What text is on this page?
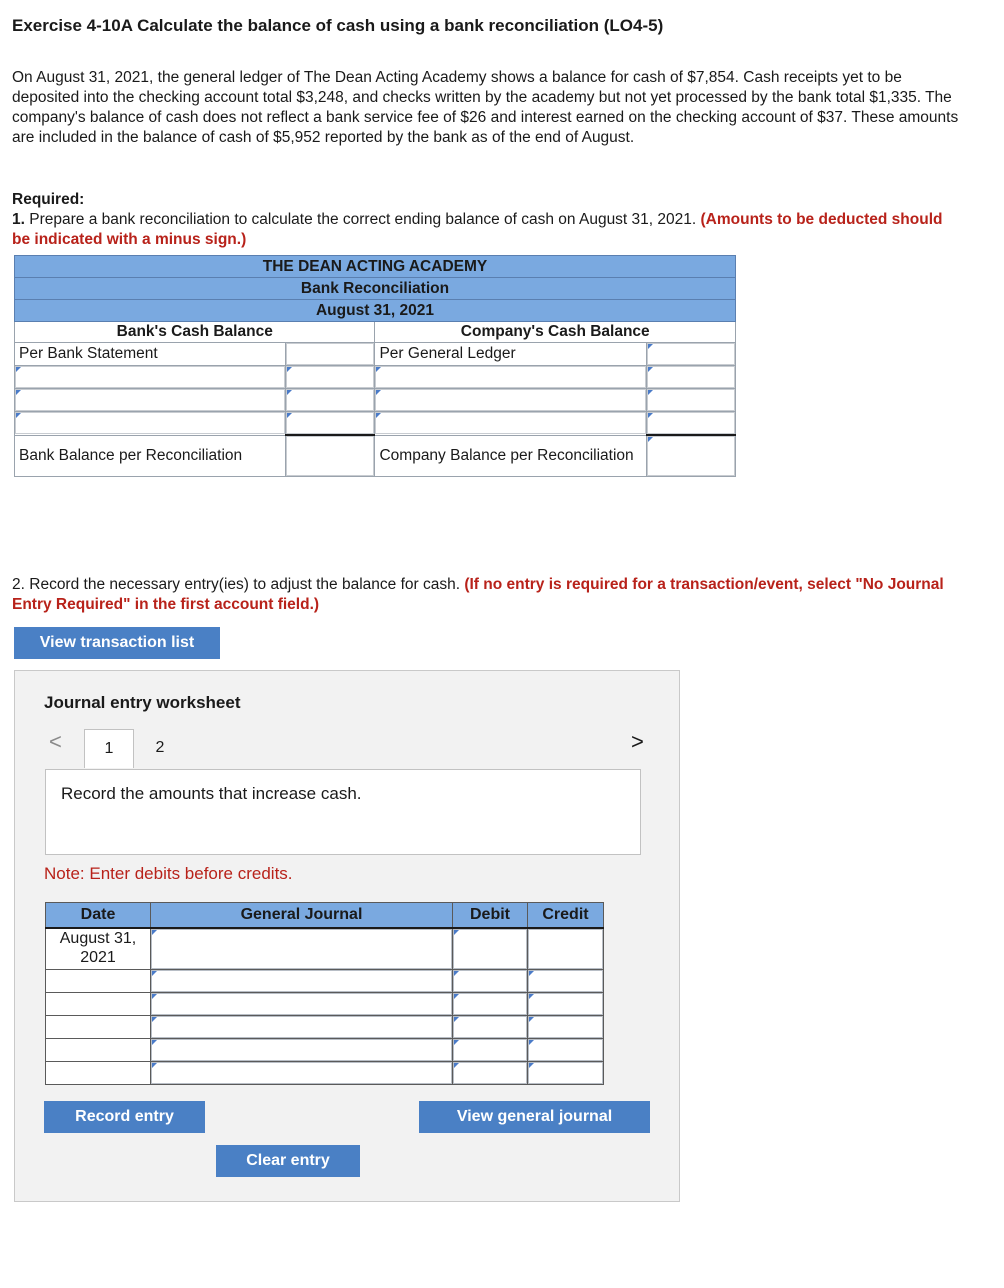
Exercise 4-10A Calculate the balance of cash using a bank reconciliation (LO4-5)

On August 31, 2021, the general ledger of The Dean Acting Academy shows a balance for cash of $7,854. Cash receipts yet to be deposited into the checking account total $3,248, and checks written by the academy but not yet processed by the bank total $1,335. The company's balance of cash does not reflect a bank service fee of $26 and interest earned on the checking account of $37. These amounts are included in the balance of cash of $5,952 reported by the bank as of the end of August.

Required:
1. Prepare a bank reconciliation to calculate the correct ending balance of cash on August 31, 2021. (Amounts to be deducted should be indicated with a minus sign.)

THE DEAN ACTING ACADEMY			
Bank Reconciliation			
August 31, 2021			
Bank's Cash Balance		Company's Cash Balance	
Per Bank Statement		Per General Ledger	

Bank Balance per Reconciliation		Company Balance per Reconciliation	

2. Record the necessary entry(ies) to adjust the balance for cash. (If no entry is required for a transaction/event, select "No Journal Entry Required" in the first account field.)

View transaction list
Journal entry worksheet
<	1	2	>
Record the amounts that increase cash.
Note: Enter debits before credits.
Date	General Journal	Debit	Credit
August 31, 2021	

Record entry	View general journal
Clear entry
